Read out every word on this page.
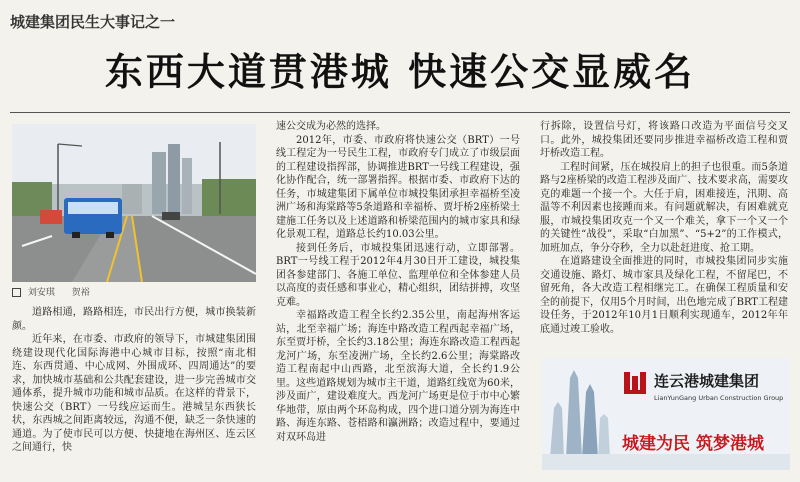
城建集团民生大事记之一
东西大道贯港城 快速公交显威名
刘安琪 贺裕

道路相通，路路相连，市民出行方便，城市换装新颜。

近年来，在市委、市政府的领导下，市城建集团围绕建设现代化国际海港中心城市目标，按照“南北相连、东西贯通、中心成网、外围成环、四周通达”的要求，加快城市基础和公共配套建设，进一步完善城市交通体系，提升城市功能和城市品质。在这样的背景下，快速公交（BRT）一号线应运而生。港城呈东西狭长状，东西城之间距离较远，沟通不便，缺乏一条快速的通道。为了使市民可以方便、快捷地在海州区、连云区之间通行，快

速公交成为必然的选择。

2012年，市委、市政府将快速公交（BRT）一号线工程定为一号民生工程，市政府专门成立了市级层面的工程建设指挥部，协调推进BRT一号线工程建设，强化协作配合，统一部署指挥。根据市委、市政府下达的任务，市城建集团下属单位市城投集团承担幸福桥至凌洲广场和海棠路等5条道路和幸福桥、贾圩桥2座桥梁土建施工任务以及上述道路和桥梁范围内的城市家具和绿化景观工程，道路总长约10.03公里。

接到任务后，市城投集团迅速行动，立即部署。BRT一号线工程于2012年4月30日开工建设，城投集团各参建部门、各施工单位、监理单位和全体参建人员以高度的责任感和事业心，精心组织，团结拼搏，攻坚克难。

幸福路改造工程全长约2.35公里，南起海州客运站，北至幸福广场；海连中路改造工程西起幸福广场，东至贾圩桥，全长约3.18公里；海连东路改造工程西起龙河广场，东至凌洲广场，全长约2.6公里；海棠路改造工程南起中山西路，北至滨海大道，全长约1.9公里。这些道路规划为城市主干道，道路红线宽为60米，涉及面广，建设难度大。西龙河广场更是位于市中心繁华地带，原由两个环岛构成，四个进口道分别为海连中路、海连东路、苍梧路和瀛洲路；改造过程中，要通过对双环岛进

行拆除，设置信号灯，将该路口改造为平面信号交叉口。此外，城投集团还要同步推进幸福桥改造工程和贾圩桥改造工程。

工程时间紧，压在城投肩上的担子也很重。而5条道路与2座桥梁的改造工程涉及面广、技术要求高，需要攻克的难题一个接一个。大任于肩，困难接连，汛期、高温等不利因素也接踵而来。有问题就解决，有困难就克服，市城投集团攻克一个又一个难关，拿下一个又一个的关键性“战役”，采取“白加黑”、“5+2”的工作模式，加班加点，争分夺秒，全力以赴赶进度、抢工期。

在道路建设全面推进的同时，市城投集团同步实施交通设施、路灯、城市家具及绿化工程，不留尾巴，不留死角，各大改造工程相继完工。在确保工程质量和安全的前提下，仅用5个月时间，出色地完成了BRT工程建设任务，于2012年10月1日顺利实现通车，2012年年底通过竣工验收。

连云港城建集团
LianYunGang Urban Construction Group
城建为民 筑梦港城
